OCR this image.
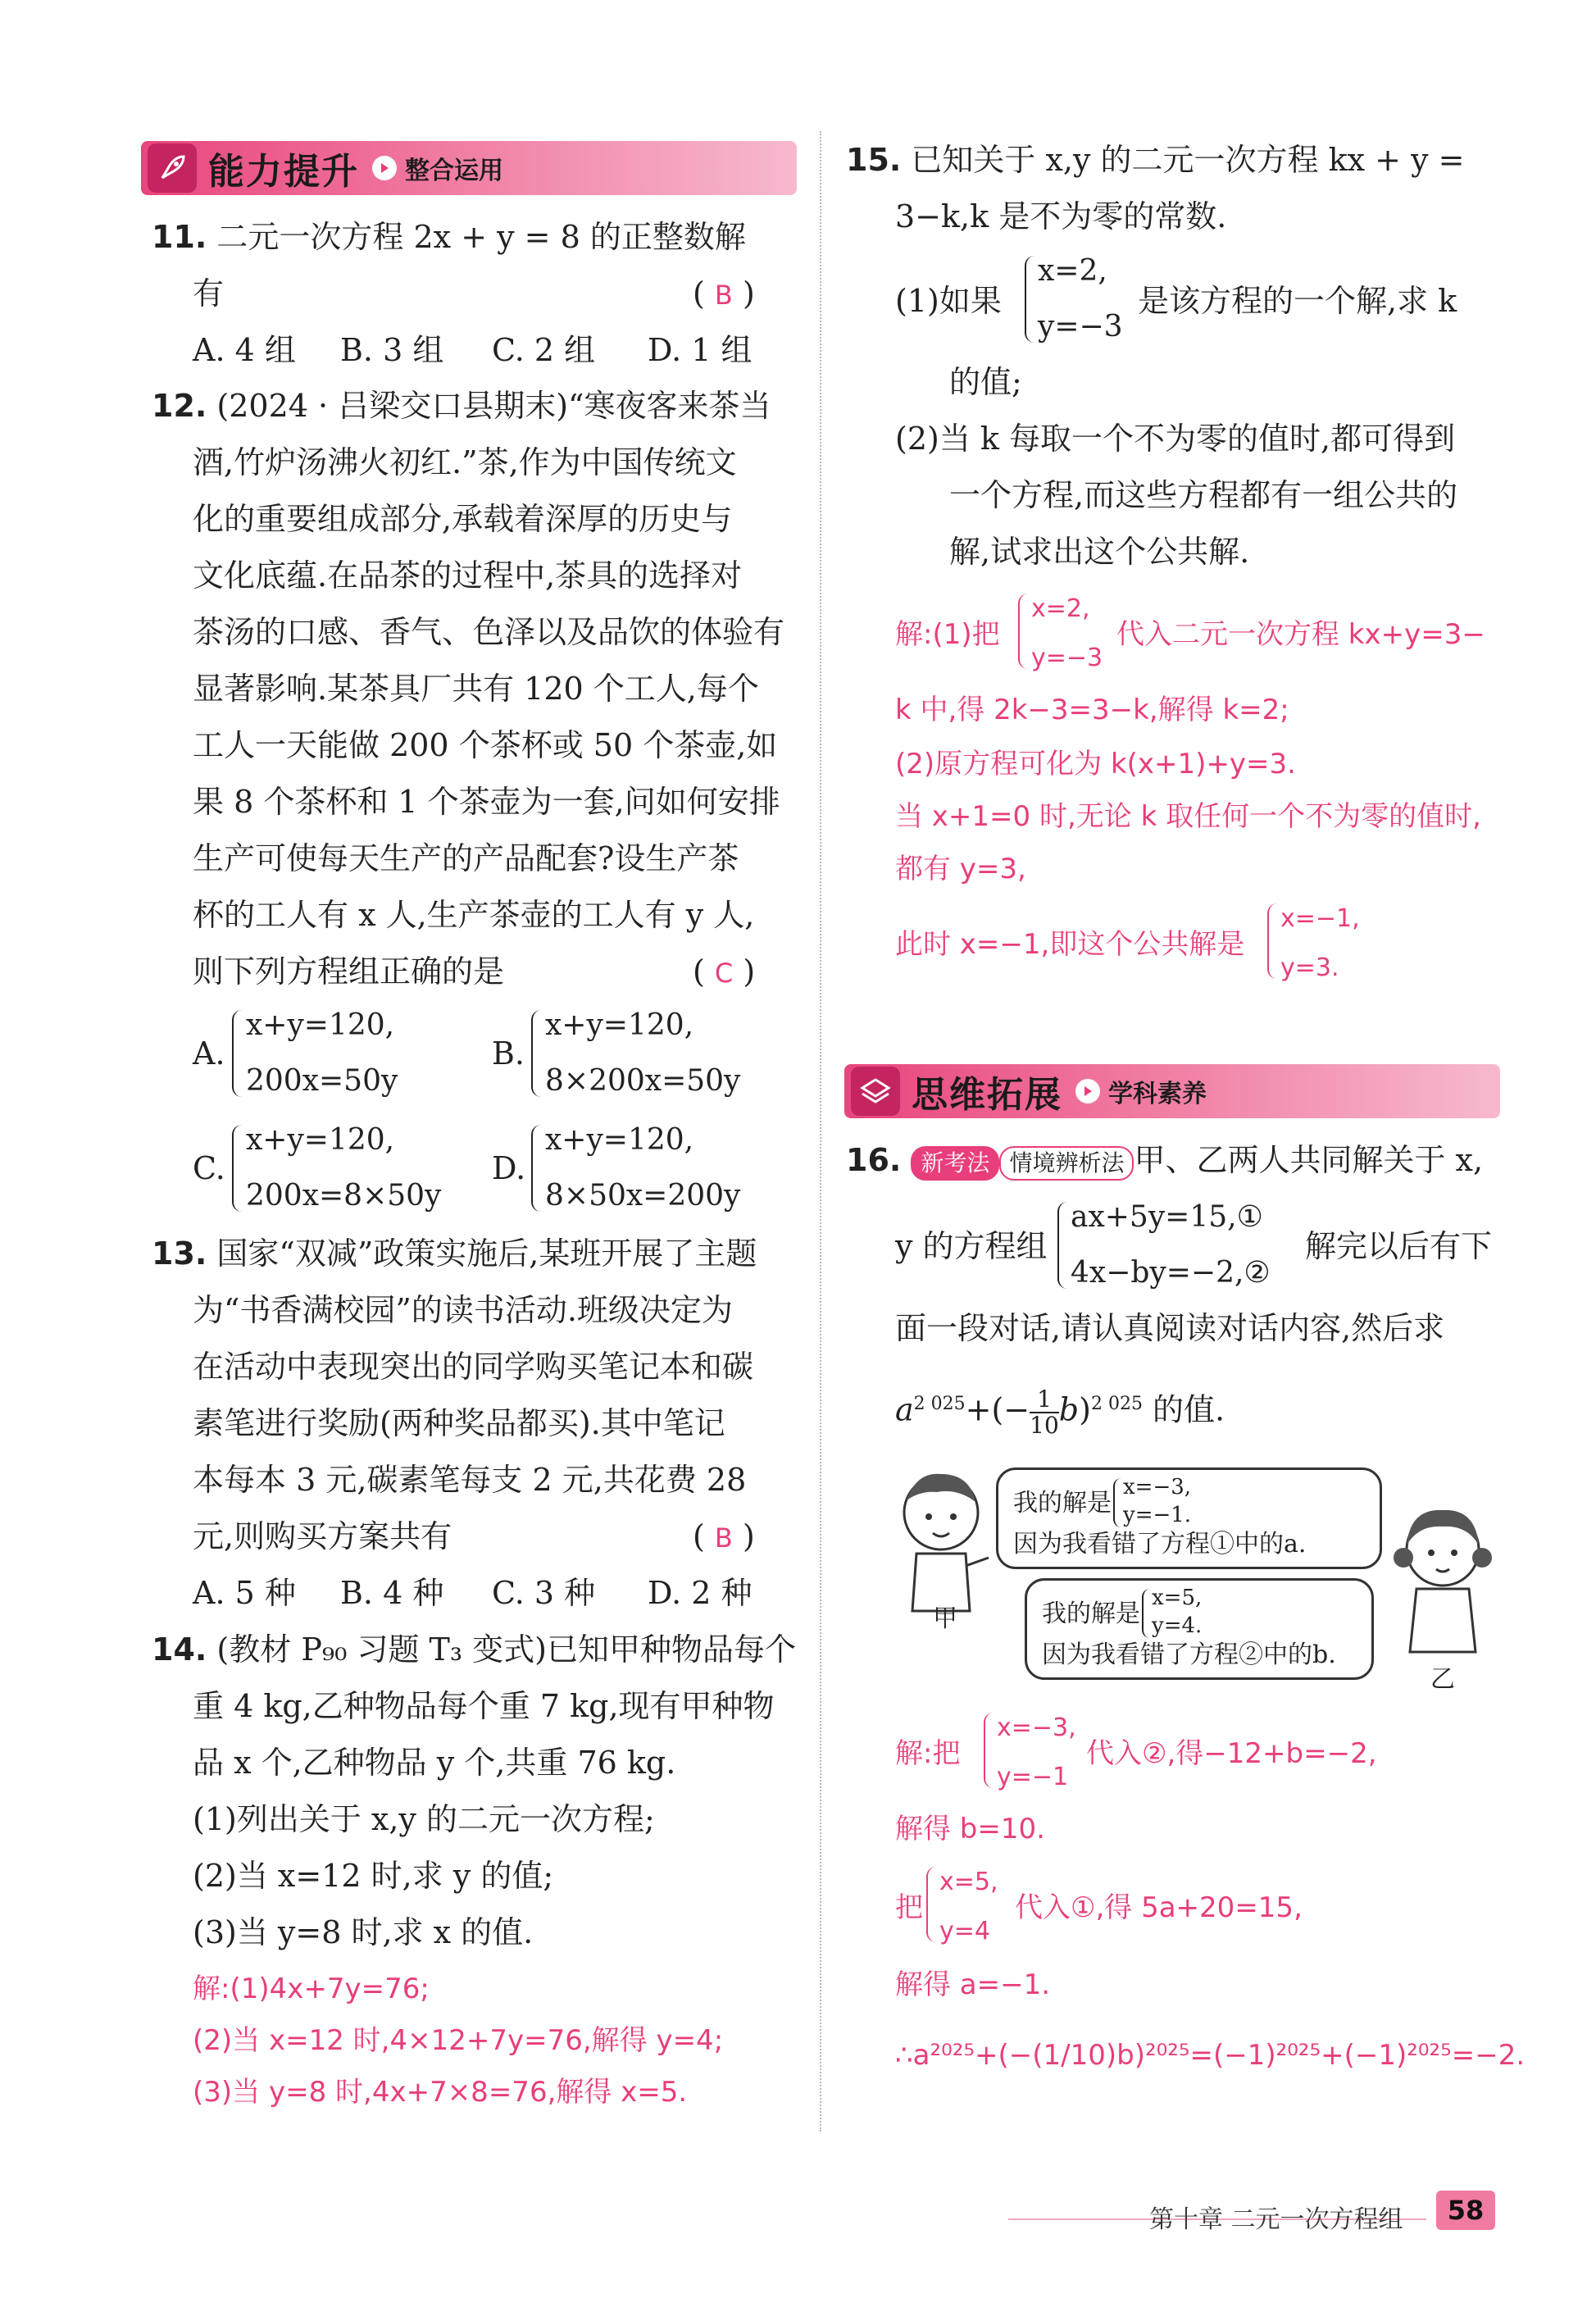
能力提升 整合运用
11. 二元一次方程 2x + y = 8 的正整数解
有	( B )
A. 4 组 B. 3 组 C. 2 组 D. 1 组
12. (2024 · 吕梁交口县期末)“寒夜客来茶当
酒,竹炉汤沸火初红.”茶,作为中国传统文
化的重要组成部分,承载着深厚的历史与
文化底蕴.在品茶的过程中,茶具的选择对
茶汤的口感、香气、色泽以及品饮的体验有
显著影响.某茶具厂共有 120 个工人,每个
工人一天能做 200 个茶杯或 50 个茶壶,如
果 8 个茶杯和 1 个茶壶为一套,问如何安排
生产可使每天生产的产品配套?设生产茶
杯的工人有 x 人,生产茶壶的工人有 y 人,
则下列方程组正确的是	( C )
A.
x+y=120,
200x=50y
B.
x+y=120,
8×200x=50y
C.
x+y=120,
200x=8×50y
D.
x+y=120,
8×50x=200y
13. 国家“双减”政策实施后,某班开展了主题
为“书香满校园”的读书活动.班级决定为
在活动中表现突出的同学购买笔记本和碳
素笔进行奖励(两种奖品都买).其中笔记
本每本 3 元,碳素笔每支 2 元,共花费 28
元,则购买方案共有	( B )
A. 5 种 B. 4 种 C. 3 种 D. 2 种
14. (教材 P₉₀ 习题 T₃ 变式)已知甲种物品每个
重 4 kg,乙种物品每个重 7 kg,现有甲种物
品 x 个,乙种物品 y 个,共重 76 kg.
(1)列出关于 x,y 的二元一次方程;
(2)当 x=12 时,求 y 的值;
(3)当 y=8 时,求 x 的值.
解:(1)4x+7y=76;
(2)当 x=12 时,4×12+7y=76,解得 y=4;
(3)当 y=8 时,4x+7×8=76,解得 x=5.
15. 已知关于 x,y 的二元一次方程 kx + y =
3−k,k 是不为零的常数.
(1)如果
x=2,
y=−3
是该方程的一个解,求 k
的值;
(2)当 k 每取一个不为零的值时,都可得到
一个方程,而这些方程都有一组公共的
解,试求出这个公共解.
解:(1)把
x=2,
y=−3
代入二元一次方程 kx+y=3−
k 中,得 2k−3=3−k,解得 k=2;
(2)原方程可化为 k(x+1)+y=3.
当 x+1=0 时,无论 k 取任何一个不为零的值时,
都有 y=3,
此时 x=−1,即这个公共解是
x=−1,
y=3.
思维拓展 学科素养
16. 新考法 情境辨析法 甲、乙两人共同解关于 x,
y 的方程组
ax+5y=15,①
4x−by=−2,②
解完以后有下
面一段对话,请认真阅读对话内容,然后求
$a^{2 025}+(- \frac{1}{10} b)^{2 025}$ 的值.
甲
我的解是
x=−3,
y=−1.
因为我看错了方程①中的a.
我的解是
x=5,
y=4.
因为我看错了方程②中的b.
乙
解:把
x=−3,
y=−1
代入②,得−12+b=−2,
解得 b=10.
把
x=5,
y=4
代入①,得 5a+20=15,
解得 a=−1.
∴a²⁰²⁵+(−(1/10)b)²⁰²⁵=(−1)²⁰²⁵+(−1)²⁰²⁵=−2.
第十章 二元一次方程组	58
